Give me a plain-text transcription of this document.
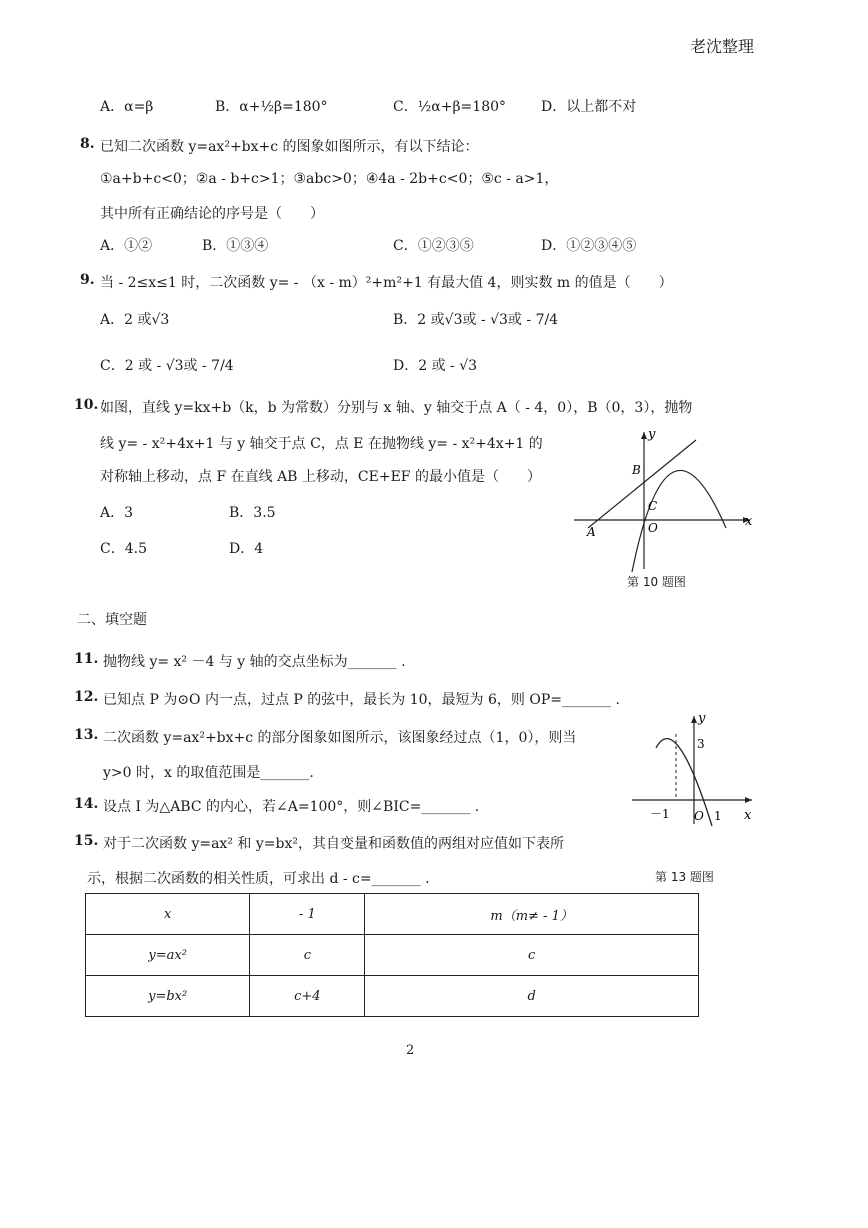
老沈整理
A．α=β	B．α+½β=180°	C．½α+β=180° D．以上都不对
8. 已知二次函数 y=ax²+bx+c 的图象如图所示，有以下结论：
①a+b+c<0；②a - b+c>1；③abc>0；④4a - 2b+c<0；⑤c - a>1，
其中所有正确结论的序号是（　　）
A．①②	B．①③④	C．①②③⑤	D．①②③④⑤
9. 当 - 2≤x≤1 时，二次函数 y= - （x - m）²+m²+1 有最大值 4，则实数 m 的值是（　　）
A．2 或√3	B．2 或√3或 - √3或 - 7/4
C．2 或 - √3或 - 7/4	D．2 或 - √3
10. 如图，直线 y=kx+b（k，b 为常数）分别与 x 轴、y 轴交于点 A（ - 4，0），B（0，3），抛物
线 y= - x²+4x+1 与 y 轴交于点 C，点 E 在抛物线 y= - x²+4x+1 的
对称轴上移动，点 F 在直线 AB 上移动，CE+EF 的最小值是（　　）
A．3	B．3.5
C．4.5	D．4
y
x
B
C
A	O
第 10 题图
二、填空题
11. 抛物线 y= x² －4 与 y 轴的交点坐标为_______ .
12. 已知点 P 为⊙O 内一点，过点 P 的弦中，最长为 10，最短为 6，则 OP=_______ .
13. 二次函数 y=ax²+bx+c 的部分图象如图所示，该图象经过点（1，0），则当
y>0 时，x 的取值范围是_______.
y
x
3
－1 O 1
14. 设点 I 为△ABC 的内心，若∠A=100°，则∠BIC=_______ .
15. 对于二次函数 y=ax² 和 y=bx²，其自变量和函数值的两组对应值如下表所
示，根据二次函数的相关性质，可求出 d - c=_______ .	第 13 题图
x	- 1	m（m≠ - 1）
y=ax²	c	c
y=bx²	c+4	d
2
